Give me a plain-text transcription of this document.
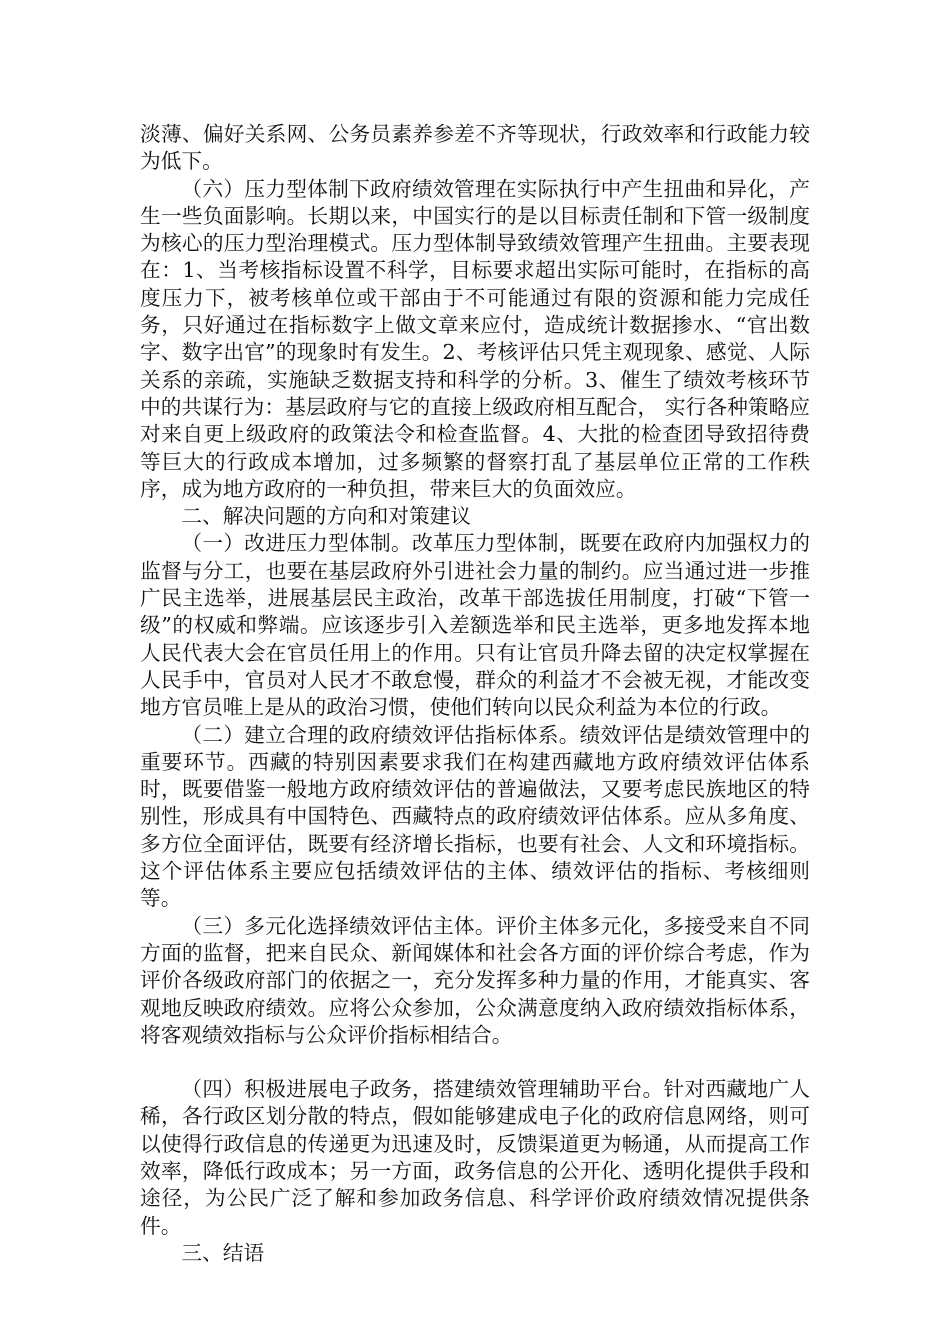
淡薄、偏好关系网、公务员素养参差不齐等现状，行政效率和行政能力较为低下。

（六）压力型体制下政府绩效管理在实际执行中产生扭曲和异化，产生一些负面影响。长期以来，中国实行的是以目标责任制和下管一级制度为核心的压力型治理模式。压力型体制导致绩效管理产生扭曲。主要表现在：1、当考核指标设置不科学，目标要求超出实际可能时，在指标的高度压力下，被考核单位或干部由于不可能通过有限的资源和能力完成任务，只好通过在指标数字上做文章来应付，造成统计数据掺水、“官出数字、数字出官”的现象时有发生。2、考核评估只凭主观现象、感觉、人际关系的亲疏，实施缺乏数据支持和科学的分析。3、催生了绩效考核环节中的共谋行为：基层政府与它的直接上级政府相互配合， 实行各种策略应对来自更上级政府的政策法令和检查监督。4、大批的检查团导致招待费等巨大的行政成本增加，过多频繁的督察打乱了基层单位正常的工作秩序，成为地方政府的一种负担，带来巨大的负面效应。

二、解决问题的方向和对策建议

（一）改进压力型体制。改革压力型体制，既要在政府内加强权力的监督与分工，也要在基层政府外引进社会力量的制约。应当通过进一步推广民主选举，进展基层民主政治，改革干部选拔任用制度，打破“下管一级”的权威和弊端。应该逐步引入差额选举和民主选举，更多地发挥本地人民代表大会在官员任用上的作用。只有让官员升降去留的决定权掌握在人民手中，官员对人民才不敢怠慢，群众的利益才不会被无视，才能改变地方官员唯上是从的政治习惯，使他们转向以民众利益为本位的行政。

（二）建立合理的政府绩效评估指标体系。绩效评估是绩效管理中的重要环节。西藏的特别因素要求我们在构建西藏地方政府绩效评估体系时，既要借鉴一般地方政府绩效评估的普遍做法，又要考虑民族地区的特别性，形成具有中国特色、西藏特点的政府绩效评估体系。应从多角度、多方位全面评估，既要有经济增长指标，也要有社会、人文和环境指标。这个评估体系主要应包括绩效评估的主体、绩效评估的指标、考核细则等。

（三）多元化选择绩效评估主体。评价主体多元化，多接受来自不同方面的监督，把来自民众、新闻媒体和社会各方面的评价综合考虑，作为评价各级政府部门的依据之一，充分发挥多种力量的作用，才能真实、客观地反映政府绩效。应将公众参加，公众满意度纳入政府绩效指标体系，将客观绩效指标与公众评价指标相结合。

（四）积极进展电子政务，搭建绩效管理辅助平台。针对西藏地广人稀，各行政区划分散的特点，假如能够建成电子化的政府信息网络，则可以使得行政信息的传递更为迅速及时，反馈渠道更为畅通，从而提高工作效率，降低行政成本；另一方面，政务信息的公开化、透明化提供手段和途径，为公民广泛了解和参加政务信息、科学评价政府绩效情况提供条件。

三、结语
